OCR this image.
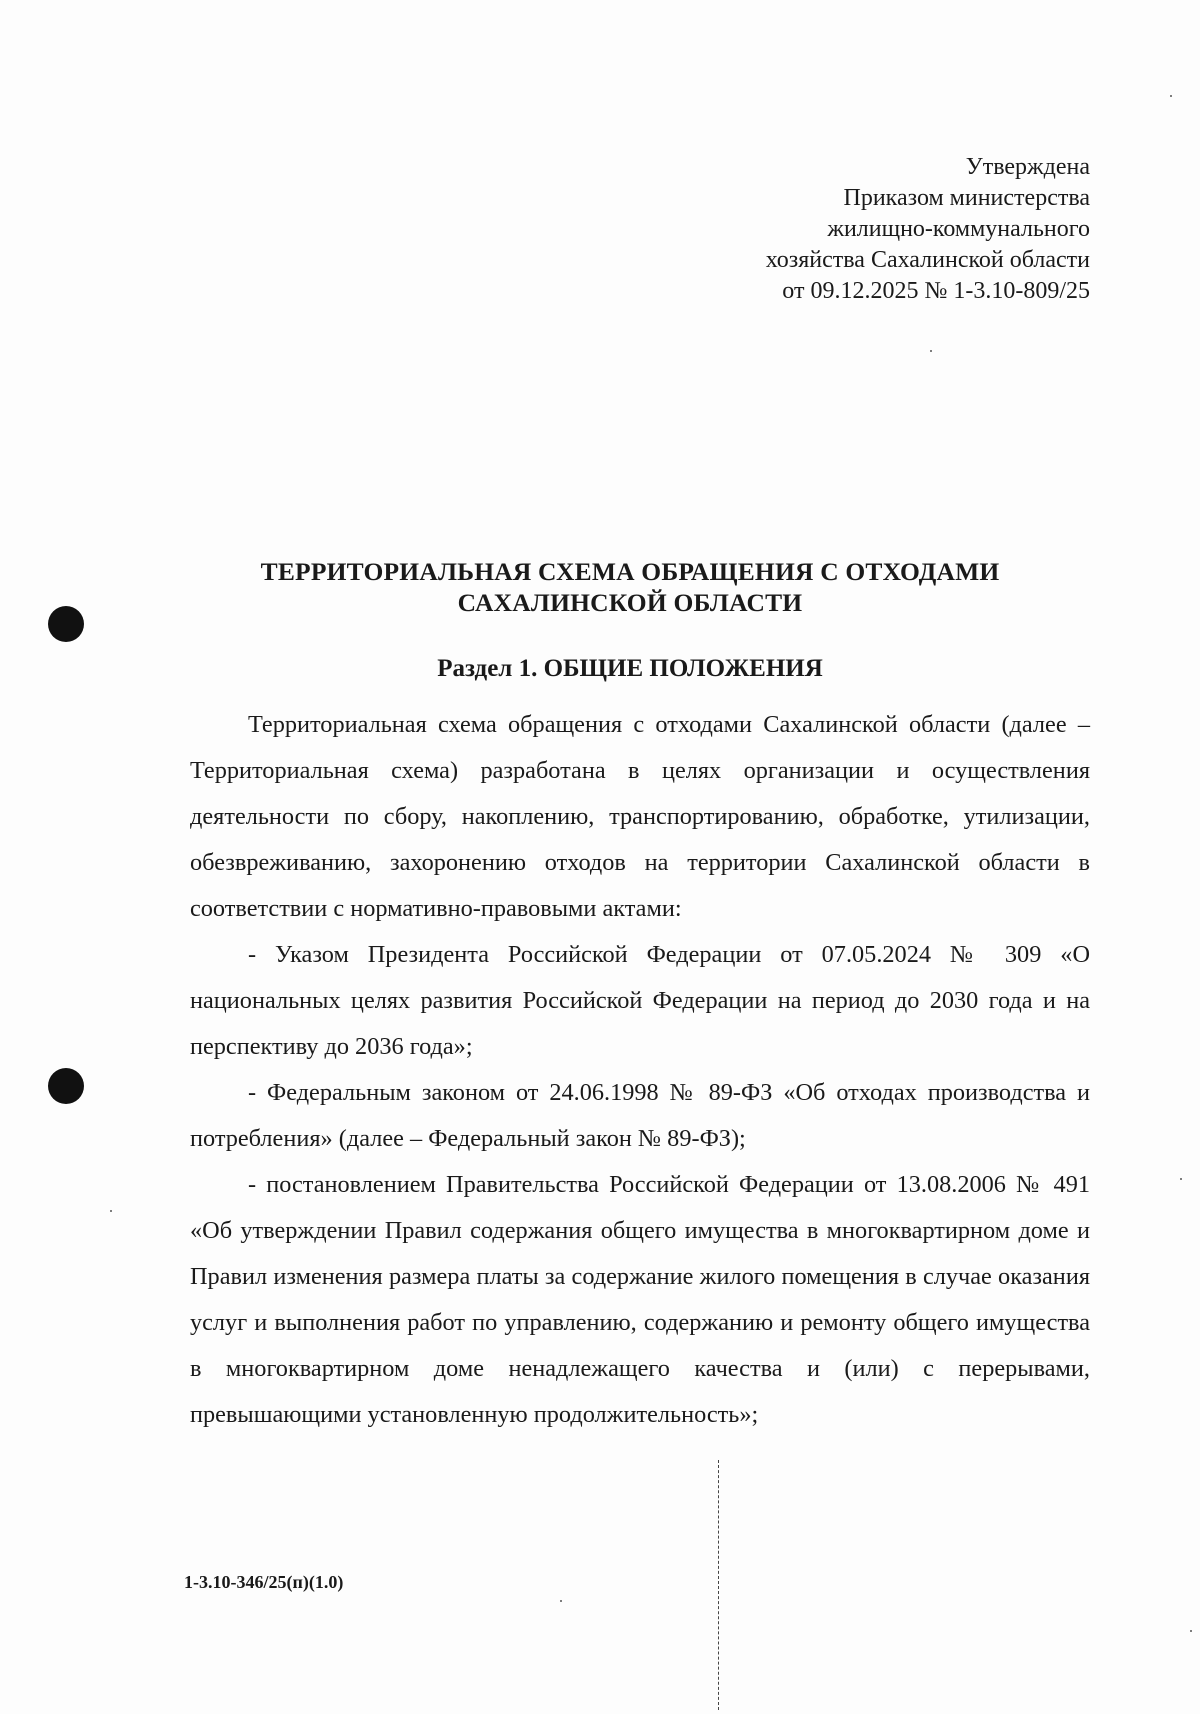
Утверждена
Приказом министерства
жилищно-коммунального
хозяйства Сахалинской области
от 09.12.2025 № 1-3.10-809/25
ТЕРРИТОРИАЛЬНАЯ СХЕМА ОБРАЩЕНИЯ С ОТХОДАМИ
САХАЛИНСКОЙ ОБЛАСТИ
Раздел 1. ОБЩИЕ ПОЛОЖЕНИЯ

Территориальная схема обращения с отходами Сахалинской области (далее – Территориальная схема) разработана в целях организации и осуществления деятельности по сбору, накоплению, транспортированию, обработке, утилизации, обезвреживанию, захоронению отходов на территории Сахалинской области в соответствии с нормативно-правовыми актами:

- Указом Президента Российской Федерации от 07.05.2024 № 309 «О национальных целях развития Российской Федерации на период до 2030 года и на перспективу до 2036 года»;

- Федеральным законом от 24.06.1998 № 89-ФЗ «Об отходах производства и потребления» (далее – Федеральный закон № 89-ФЗ);

- постановлением Правительства Российской Федерации от 13.08.2006 № 491 «Об утверждении Правил содержания общего имущества в многоквартирном доме и Правил изменения размера платы за содержание жилого помещения в случае оказания услуг и выполнения работ по управлению, содержанию и ремонту общего имущества в многоквартирном доме ненадлежащего качества и (или) с перерывами, превышающими установленную продолжительность»;

1-3.10-346/25(п)(1.0)
